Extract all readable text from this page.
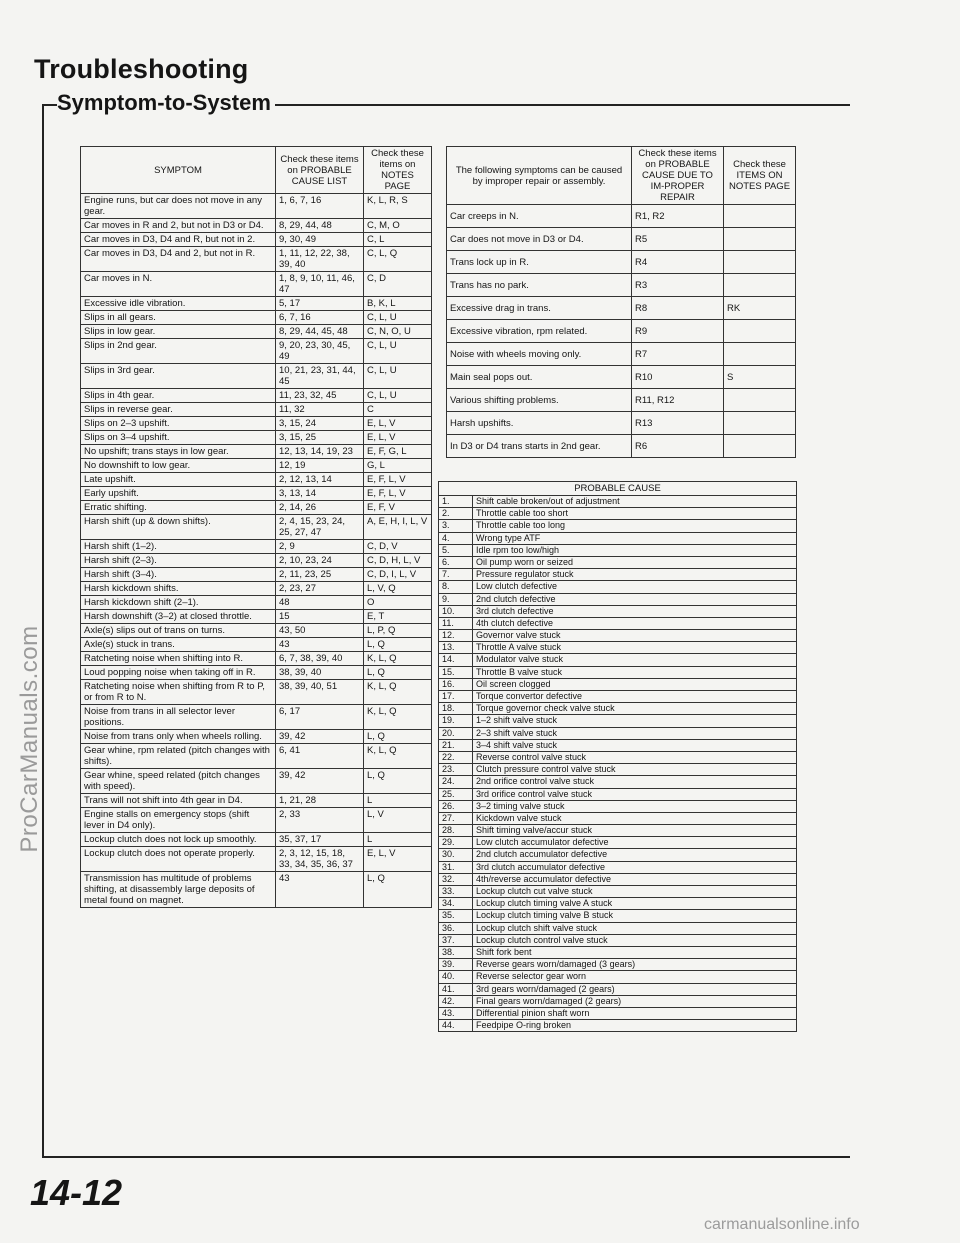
Troubleshooting
Symptom-to-System
SYMPTOM	Check these items on PROBABLE CAUSE LIST	Check these items on NOTES PAGE
Engine runs, but car does not move in any gear.	1, 6, 7, 16	K, L, R, S
Car moves in R and 2, but not in D3 or D4.	8, 29, 44, 48	C, M, O
Car moves in D3, D4 and R, but not in 2.	9, 30, 49	C, L
Car moves in D3, D4 and 2, but not in R.	1, 11, 12, 22, 38, 39, 40	C, L, Q
Car moves in N.	1, 8, 9, 10, 11, 46, 47	C, D
Excessive idle vibration.	5, 17	B, K, L
Slips in all gears.	6, 7, 16	C, L, U
Slips in low gear.	8, 29, 44, 45, 48	C, N, O, U
Slips in 2nd gear.	9, 20, 23, 30, 45, 49	C, L, U
Slips in 3rd gear.	10, 21, 23, 31, 44, 45	C, L, U
Slips in 4th gear.	11, 23, 32, 45	C, L, U
Slips in reverse gear.	11, 32	C
Slips on 2–3 upshift.	3, 15, 24	E, L, V
Slips on 3–4 upshift.	3, 15, 25	E, L, V
No upshift; trans stays in low gear.	12, 13, 14, 19, 23	E, F, G, L
No downshift to low gear.	12, 19	G, L
Late upshift.	2, 12, 13, 14	E, F, L, V
Early upshift.	3, 13, 14	E, F, L, V
Erratic shifting.	2, 14, 26	E, F, V
Harsh shift (up & down shifts).	2, 4, 15, 23, 24, 25, 27, 47	A, E, H, I, L, V
Harsh shift (1–2).	2, 9	C, D, V
Harsh shift (2–3).	2, 10, 23, 24	C, D, H, L, V
Harsh shift (3–4).	2, 11, 23, 25	C, D, I, L, V
Harsh kickdown shifts.	2, 23, 27	L, V, Q
Harsh kickdown shift (2–1).	48	O
Harsh downshift (3–2) at closed throttle.	15	E, T
Axle(s) slips out of trans on turns.	43, 50	L, P, Q
Axle(s) stuck in trans.	43	L, Q
Ratcheting noise when shifting into R.	6, 7, 38, 39, 40	K, L, Q
Loud popping noise when taking off in R.	38, 39, 40	L, Q
Ratcheting noise when shifting from R to P, or from R to N.	38, 39, 40, 51	K, L, Q
Noise from trans in all selector lever positions.	6, 17	K, L, Q
Noise from trans only when wheels rolling.	39, 42	L, Q
Gear whine, rpm related (pitch changes with shifts).	6, 41	K, L, Q
Gear whine, speed related (pitch changes with speed).	39, 42	L, Q
Trans will not shift into 4th gear in D4.	1, 21, 28	L
Engine stalls on emergency stops (shift lever in D4 only).	2, 33	L, V
Lockup clutch does not lock up smoothly.	35, 37, 17	L
Lockup clutch does not operate properly.	2, 3, 12, 15, 18, 33, 34, 35, 36, 37	E, L, V
Transmission has multitude of problems shifting, at disassembly large deposits of metal found on magnet.	43	L, Q
The following symptoms can be caused by improper repair or assembly.	Check these items on PROBABLE CAUSE DUE TO IM-PROPER REPAIR	Check these ITEMS ON NOTES PAGE
Car creeps in N.	R1, R2	
Car does not move in D3 or D4.	R5	
Trans lock up in R.	R4	
Trans has no park.	R3	
Excessive drag in trans.	R8	RK
Excessive vibration, rpm related.	R9	
Noise with wheels moving only.	R7	
Main seal pops out.	R10	S
Various shifting problems.	R11, R12	
Harsh upshifts.	R13	
In D3 or D4 trans starts in 2nd gear.	R6	
PROBABLE CAUSE	
1.	Shift cable broken/out of adjustment
2.	Throttle cable too short
3.	Throttle cable too long
4.	Wrong type ATF
5.	Idle rpm too low/high
6.	Oil pump worn or seized
7.	Pressure regulator stuck
8.	Low clutch defective
9.	2nd clutch defective
10.	3rd clutch defective
11.	4th clutch defective
12.	Governor valve stuck
13.	Throttle A valve stuck
14.	Modulator valve stuck
15.	Throttle B valve stuck
16.	Oil screen clogged
17.	Torque convertor defective
18.	Torque governor check valve stuck
19.	1–2 shift valve stuck
20.	2–3 shift valve stuck
21.	3–4 shift valve stuck
22.	Reverse control valve stuck
23.	Clutch pressure control valve stuck
24.	2nd orifice control valve stuck
25.	3rd orifice control valve stuck
26.	3–2 timing valve stuck
27.	Kickdown valve stuck
28.	Shift timing valve/accur stuck
29.	Low clutch accumulator defective
30.	2nd clutch accumulator defective
31.	3rd clutch accumulator defective
32.	4th/reverse accumulator defective
33.	Lockup clutch cut valve stuck
34.	Lockup clutch timing valve A stuck
35.	Lockup clutch timing valve B stuck
36.	Lockup clutch shift valve stuck
37.	Lockup clutch control valve stuck
38.	Shift fork bent
39.	Reverse gears worn/damaged (3 gears)
40.	Reverse selector gear worn
41.	3rd gears worn/damaged (2 gears)
42.	Final gears worn/damaged (2 gears)
43.	Differential pinion shaft worn
44.	Feedpipe O-ring broken
ProCarManuals.com
14-12
carmanualsonline.info
